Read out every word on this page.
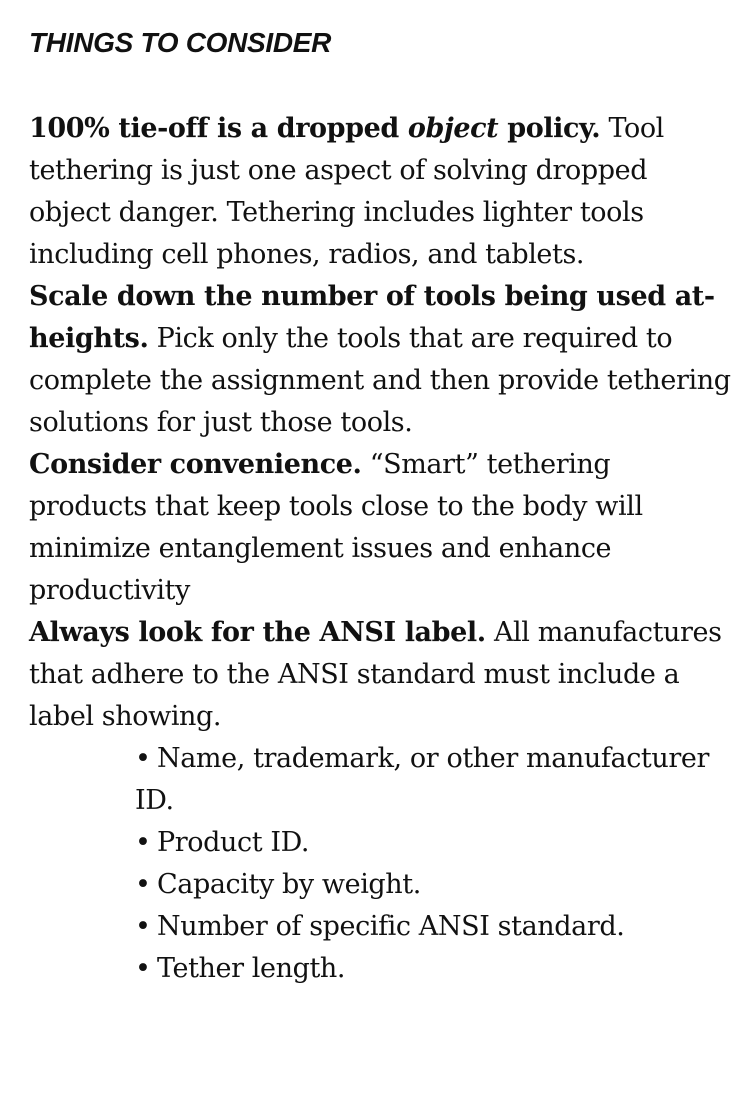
THINGS TO CONSIDER

100% tie-off is a dropped object policy. Tool tethering is just one aspect of solving dropped object danger. Tethering includes lighter tools including cell phones, radios, and tablets.

Scale down the number of tools being used at-heights. Pick only the tools that are required to complete the assignment and then provide tethering solutions for just those tools.

Consider convenience. “Smart” tethering products that keep tools close to the body will minimize entanglement issues and enhance productivity

Always look for the ANSI label. All manufactures that adhere to the ANSI standard must include a label showing.

• Name, trademark, or other manufacturer ID.
• Product ID.
• Capacity by weight.
• Number of specific ANSI standard.
• Tether length.
